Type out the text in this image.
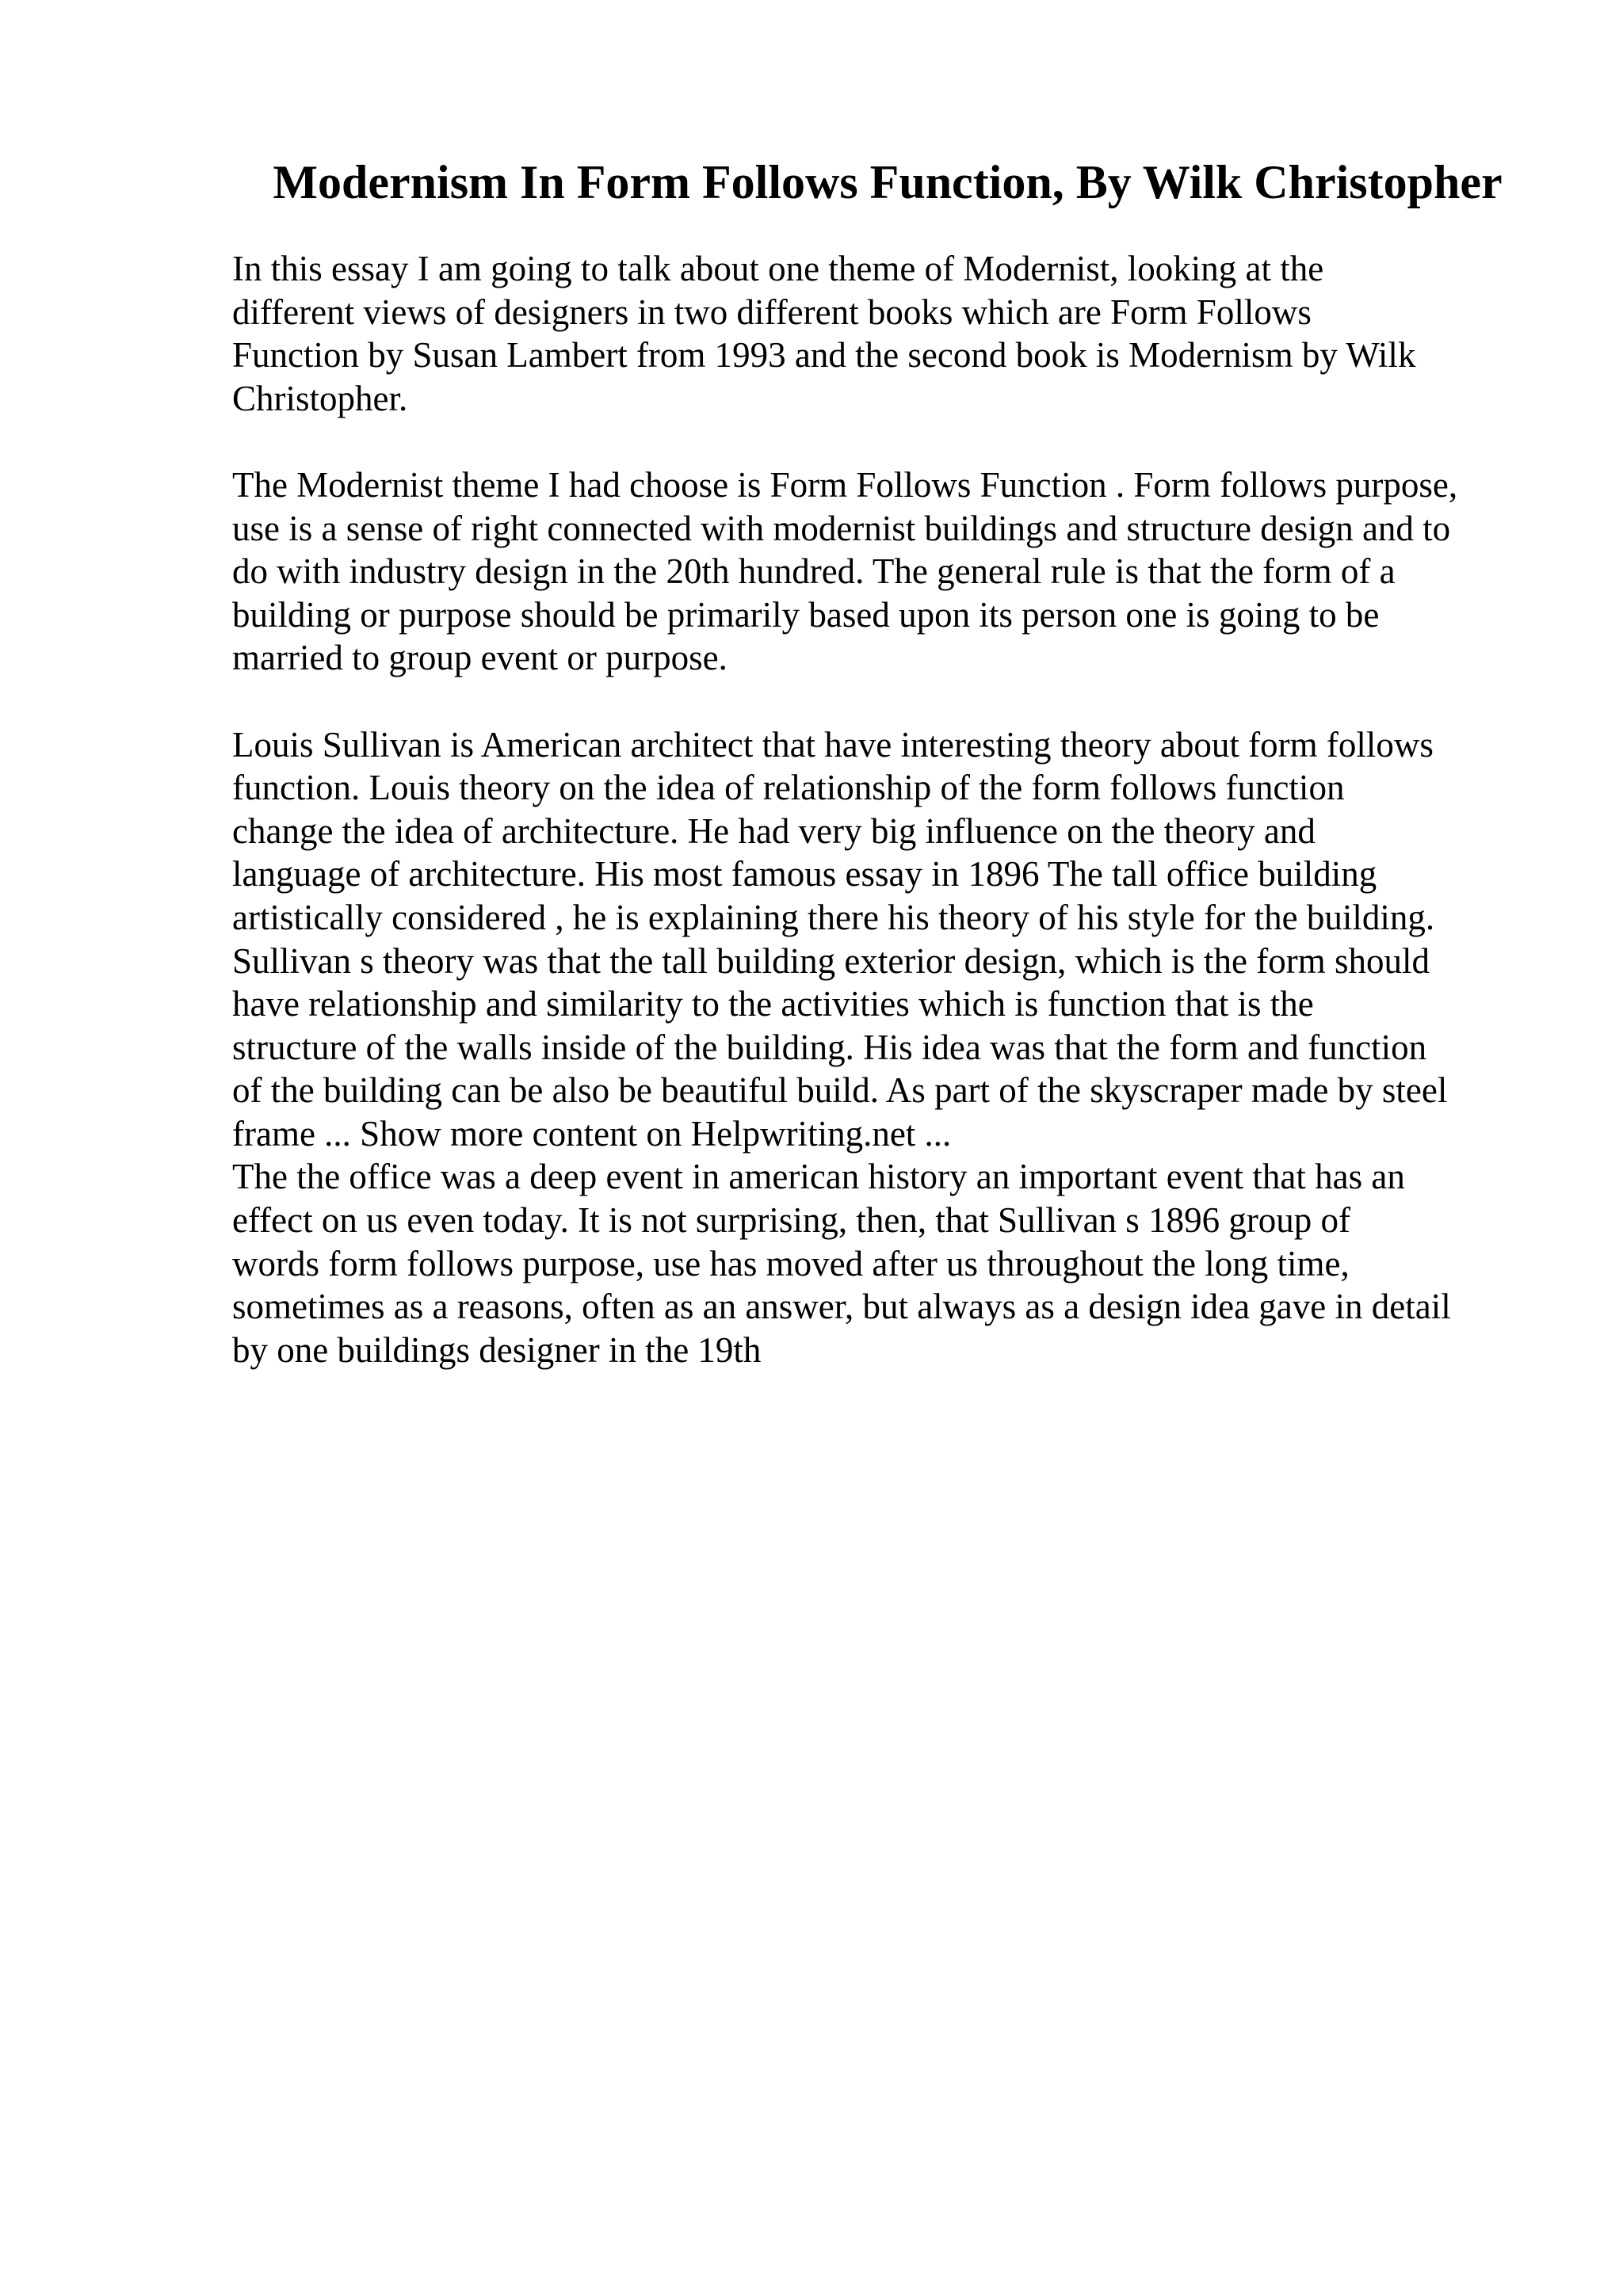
Modernism In Form Follows Function, By Wilk Christopher
In this essay I am going to talk about one theme of Modernist, looking at the
different views of designers in two different books which are Form Follows
Function by Susan Lambert from 1993 and the second book is Modernism by Wilk
Christopher.
The Modernist theme I had choose is Form Follows Function . Form follows purpose,
use is a sense of right connected with modernist buildings and structure design and to
do with industry design in the 20th hundred. The general rule is that the form of a
building or purpose should be primarily based upon its person one is going to be
married to group event or purpose.
Louis Sullivan is American architect that have interesting theory about form follows
function. Louis theory on the idea of relationship of the form follows function
change the idea of architecture. He had very big influence on the theory and
language of architecture. His most famous essay in 1896 The tall office building
artistically considered , he is explaining there his theory of his style for the building.
Sullivan s theory was that the tall building exterior design, which is the form should
have relationship and similarity to the activities which is function that is the
structure of the walls inside of the building. His idea was that the form and function
of the building can be also be beautiful build. As part of the skyscraper made by steel
frame ... Show more content on Helpwriting.net ...
The the office was a deep event in american history an important event that has an
effect on us even today. It is not surprising, then, that Sullivan s 1896 group of
words form follows purpose, use has moved after us throughout the long time,
sometimes as a reasons, often as an answer, but always as a design idea gave in detail
by one buildings designer in the 19th
